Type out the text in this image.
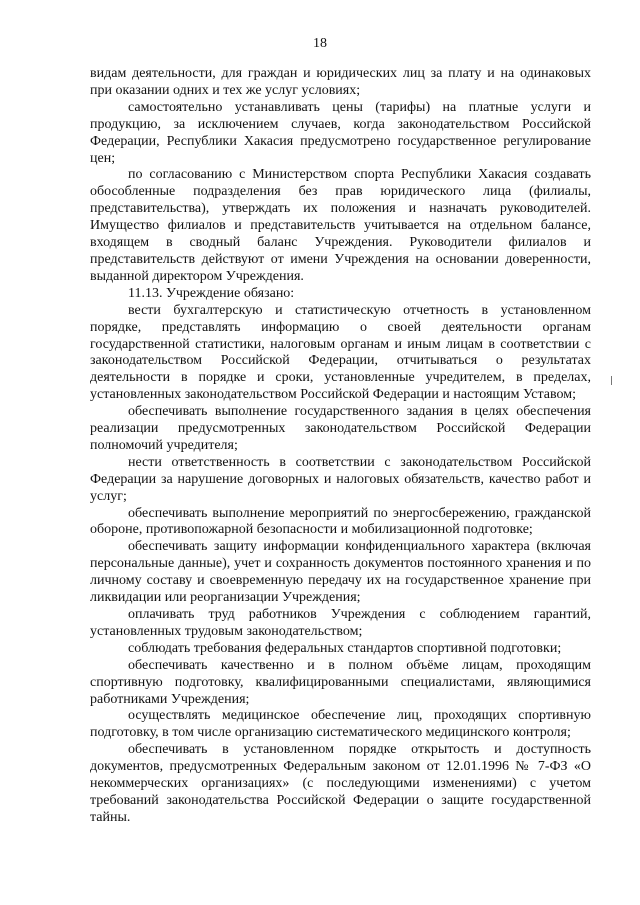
18

видам деятельности, для граждан и юридических лиц за плату и на одинаковых при оказании одних и тех же услуг условиях;

самостоятельно устанавливать цены (тарифы) на платные услуги и продукцию, за исключением случаев, когда законодательством Российской Федерации, Республики Хакасия предусмотрено государственное регулирование цен;

по согласованию с Министерством спорта Республики Хакасия создавать обособленные подразделения без прав юридического лица (филиалы, представительства), утверждать их положения и назначать руководителей. Имущество филиалов и представительств учитывается на отдельном балансе, входящем в сводный баланс Учреждения. Руководители филиалов и представительств действуют от имени Учреждения на основании доверенности, выданной директором Учреждения.

11.13. Учреждение обязано:

вести бухгалтерскую и статистическую отчетность в установленном порядке, представлять информацию о своей деятельности органам государственной статистики, налоговым органам и иным лицам в соответствии с законодательством Российской Федерации, отчитываться о результатах деятельности в порядке и сроки, установленные учредителем, в пределах, установленных законодательством Российской Федерации и настоящим Уставом;

обеспечивать выполнение государственного задания в целях обеспечения реализации предусмотренных законодательством Российской Федерации полномочий учредителя;

нести ответственность в соответствии с законодательством Российской Федерации за нарушение договорных и налоговых обязательств, качество работ и услуг;

обеспечивать выполнение мероприятий по энергосбережению, гражданской обороне, противопожарной безопасности и мобилизационной подготовке;

обеспечивать защиту информации конфиденциального характера (включая персональные данные), учет и сохранность документов постоянного хранения и по личному составу и своевременную передачу их на государственное хранение при ликвидации или реорганизации Учреждения;

оплачивать труд работников Учреждения с соблюдением гарантий, установленных трудовым законодательством;

соблюдать требования федеральных стандартов спортивной подготовки;

обеспечивать качественно и в полном объёме лицам, проходящим спортивную подготовку, квалифицированными специалистами, являющимися работниками Учреждения;

осуществлять медицинское обеспечение лиц, проходящих спортивную подготовку, в том числе организацию систематического медицинского контроля;

обеспечивать в установленном порядке открытость и доступность документов, предусмотренных Федеральным законом от 12.01.1996 № 7-ФЗ «О некоммерческих организациях» (с последующими изменениями) с учетом требований законодательства Российской Федерации о защите государственной тайны.
